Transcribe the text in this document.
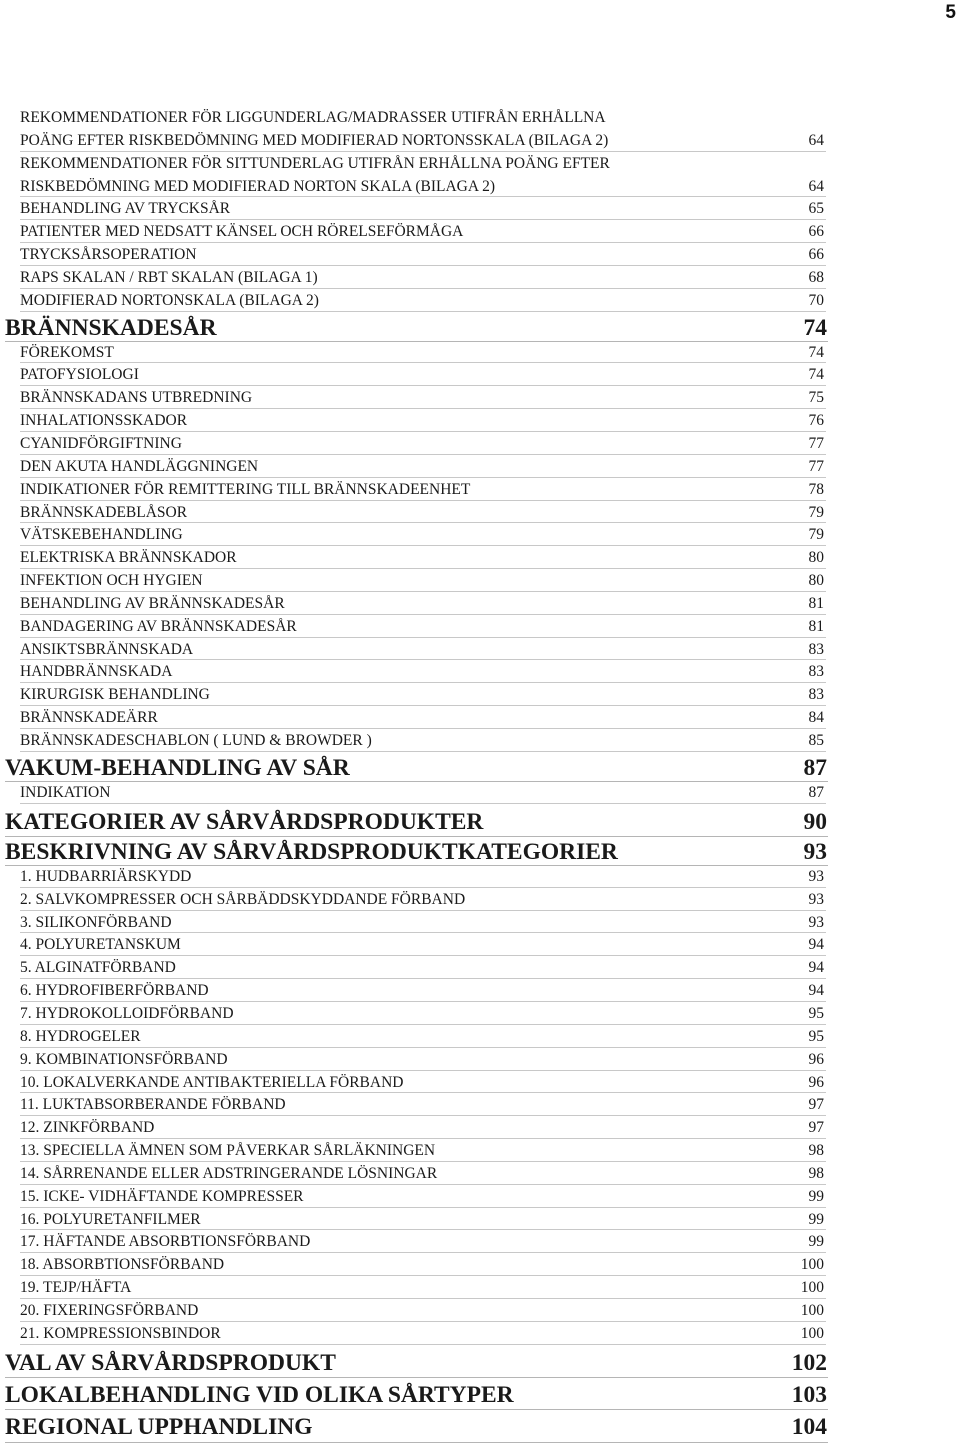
5
REKOMMENDATIONER FÖR LIGGUNDERLAG/MADRASSER UTIFRÅN ERHÅLLNA
POÄNG EFTER RISKBEDÖMNING MED MODIFIERAD NORTONSSKALA (BILAGA 2)	64
REKOMMENDATIONER FÖR SITTUNDERLAG UTIFRÅN ERHÅLLNA POÄNG EFTER
RISKBEDÖMNING MED MODIFIERAD NORTON SKALA (BILAGA 2)	64
BEHANDLING AV TRYCKSÅR	65
PATIENTER MED NEDSATT KÄNSEL OCH RÖRELSEFÖRMÅGA	66
TRYCKSÅRSOPERATION	66
RAPS SKALAN / RBT SKALAN (BILAGA 1)	68
MODIFIERAD NORTONSKALA (BILAGA 2)	70
BRÄNNSKADESÅR	74
FÖREKOMST	74
PATOFYSIOLOGI	74
BRÄNNSKADANS UTBREDNING	75
INHALATIONSSKADOR	76
CYANIDFÖRGIFTNING	77
DEN AKUTA HANDLÄGGNINGEN	77
INDIKATIONER FÖR REMITTERING TILL BRÄNNSKADEENHET	78
BRÄNNSKADEBLÅSOR	79
VÄTSKEBEHANDLING	79
ELEKTRISKA BRÄNNSKADOR	80
INFEKTION OCH HYGIEN	80
BEHANDLING AV BRÄNNSKADESÅR	81
BANDAGERING AV BRÄNNSKADESÅR	81
ANSIKTSBRÄNNSKADA	83
HANDBRÄNNSKADA	83
KIRURGISK BEHANDLING	83
BRÄNNSKADEÄRR	84
BRÄNNSKADESCHABLON ( LUND & BROWDER )	85
VAKUM-BEHANDLING AV SÅR	87
INDIKATION	87
KATEGORIER AV SÅRVÅRDSPRODUKTER	90
BESKRIVNING AV SÅRVÅRDSPRODUKTKATEGORIER	93
1. HUDBARRIÄRSKYDD	93
2. SALVKOMPRESSER OCH SÅRBÄDDSKYDDANDE FÖRBAND	93
3. SILIKONFÖRBAND	93
4. POLYURETANSKUM	94
5. ALGINATFÖRBAND	94
6. HYDROFIBERFÖRBAND	94
7. HYDROKOLLOIDFÖRBAND	95
8. HYDROGELER	95
9. KOMBINATIONSFÖRBAND	96
10. LOKALVERKANDE ANTIBAKTERIELLA FÖRBAND	96
11. LUKTABSORBERANDE FÖRBAND	97
12. ZINKFÖRBAND	97
13. SPECIELLA ÄMNEN SOM PÅVERKAR SÅRLÄKNINGEN	98
14. SÅRRENANDE ELLER ADSTRINGERANDE LÖSNINGAR	98
15. ICKE- VIDHÄFTANDE KOMPRESSER	99
16. POLYURETANFILMER	99
17. HÄFTANDE ABSORBTIONSFÖRBAND	99
18. ABSORBTIONSFÖRBAND	100
19. TEJP/HÄFTA	100
20. FIXERINGSFÖRBAND	100
21. KOMPRESSIONSBINDOR	100
VAL AV SÅRVÅRDSPRODUKT	102
LOKALBEHANDLING VID OLIKA SÅRTYPER	103
REGIONAL UPPHANDLING	104
